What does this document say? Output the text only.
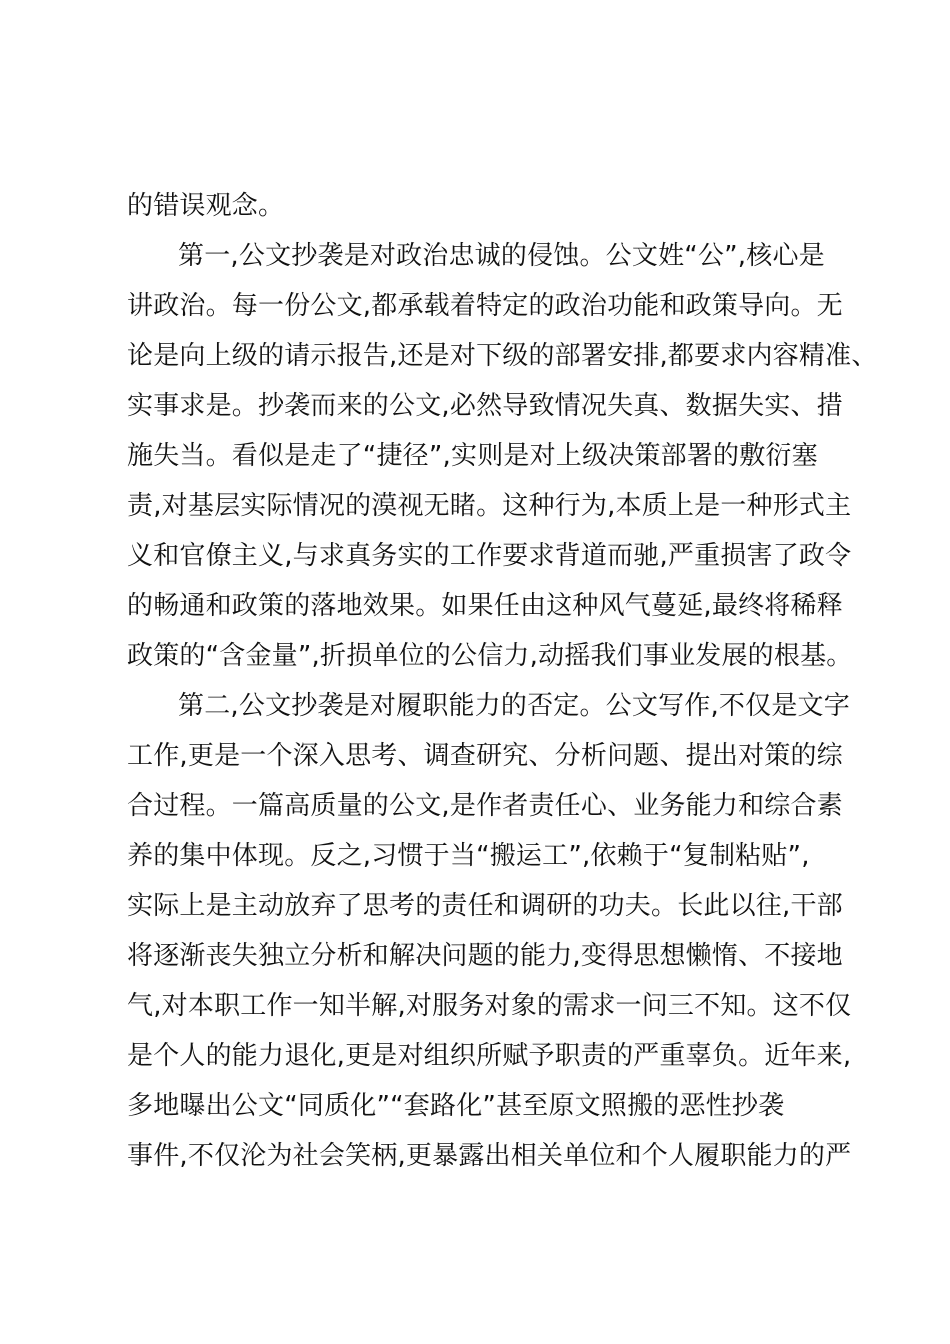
的错误观念。
第一,公文抄袭是对政治忠诚的侵蚀。公文姓“公”,核心是
讲政治。每一份公文,都承载着特定的政治功能和政策导向。无
论是向上级的请示报告,还是对下级的部署安排,都要求内容精准、
实事求是。抄袭而来的公文,必然导致情况失真、数据失实、措
施失当。看似是走了“捷径”,实则是对上级决策部署的敷衍塞
责,对基层实际情况的漠视无睹。这种行为,本质上是一种形式主
义和官僚主义,与求真务实的工作要求背道而驰,严重损害了政令
的畅通和政策的落地效果。如果任由这种风气蔓延,最终将稀释
政策的“含金量”,折损单位的公信力,动摇我们事业发展的根基。
第二,公文抄袭是对履职能力的否定。公文写作,不仅是文字
工作,更是一个深入思考、调查研究、分析问题、提出对策的综
合过程。一篇高质量的公文,是作者责任心、业务能力和综合素
养的集中体现。反之,习惯于当“搬运工”,依赖于“复制粘贴”,
实际上是主动放弃了思考的责任和调研的功夫。长此以往,干部
将逐渐丧失独立分析和解决问题的能力,变得思想懒惰、不接地
气,对本职工作一知半解,对服务对象的需求一问三不知。这不仅
是个人的能力退化,更是对组织所赋予职责的严重辜负。近年来,
多地曝出公文“同质化”“套路化”甚至原文照搬的恶性抄袭
事件,不仅沦为社会笑柄,更暴露出相关单位和个人履职能力的严
